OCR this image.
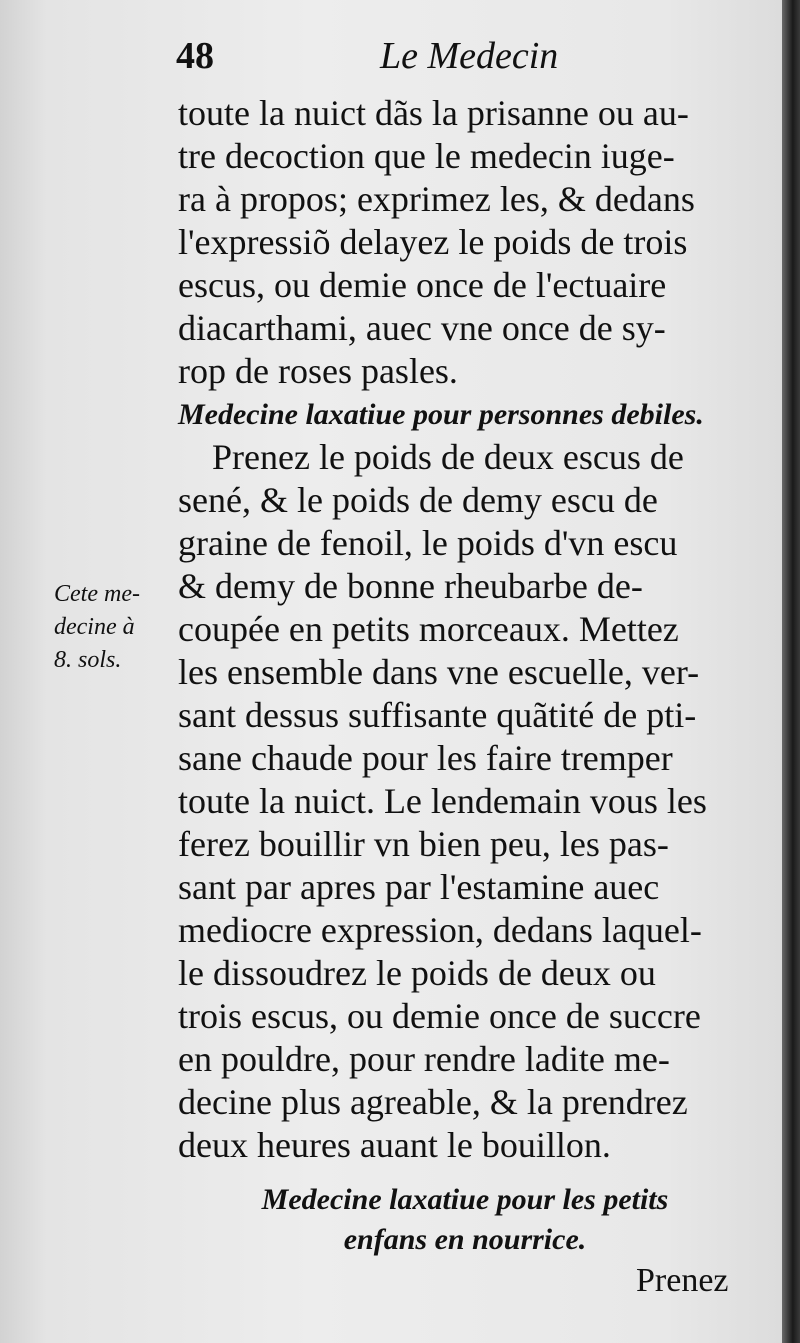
48	Le Medecin
toute la nuict dãs la prisanne ou au-
tre decoction que le medecin iuge-
ra à propos; exprimez les, & dedans
l'expressiõ delayez le poids de trois
escus, ou demie once de l'ectuaire
diacarthami, auec vne once de sy-
rop de roses pasles.
Medecine laxatiue pour personnes debiles.
Prenez le poids de deux escus de
sené, & le poids de demy escu de
graine de fenoil, le poids d'vn escu
& demy de bonne rheubarbe de-
coupée en petits morceaux. Mettez
les ensemble dans vne escuelle, ver-
sant dessus suffisante quãtité de pti-
sane chaude pour les faire tremper
toute la nuict. Le lendemain vous les
ferez bouillir vn bien peu, les pas-
sant par apres par l'estamine auec
mediocre expression, dedans laquel-
le dissoudrez le poids de deux ou
trois escus, ou demie once de succre
en pouldre, pour rendre ladite me-
decine plus agreable, & la prendrez
deux heures auant le bouillon.
Cete me-
decine à
8. sols.
Medecine laxatiue pour les petits
enfans en nourrice.
Prenez
